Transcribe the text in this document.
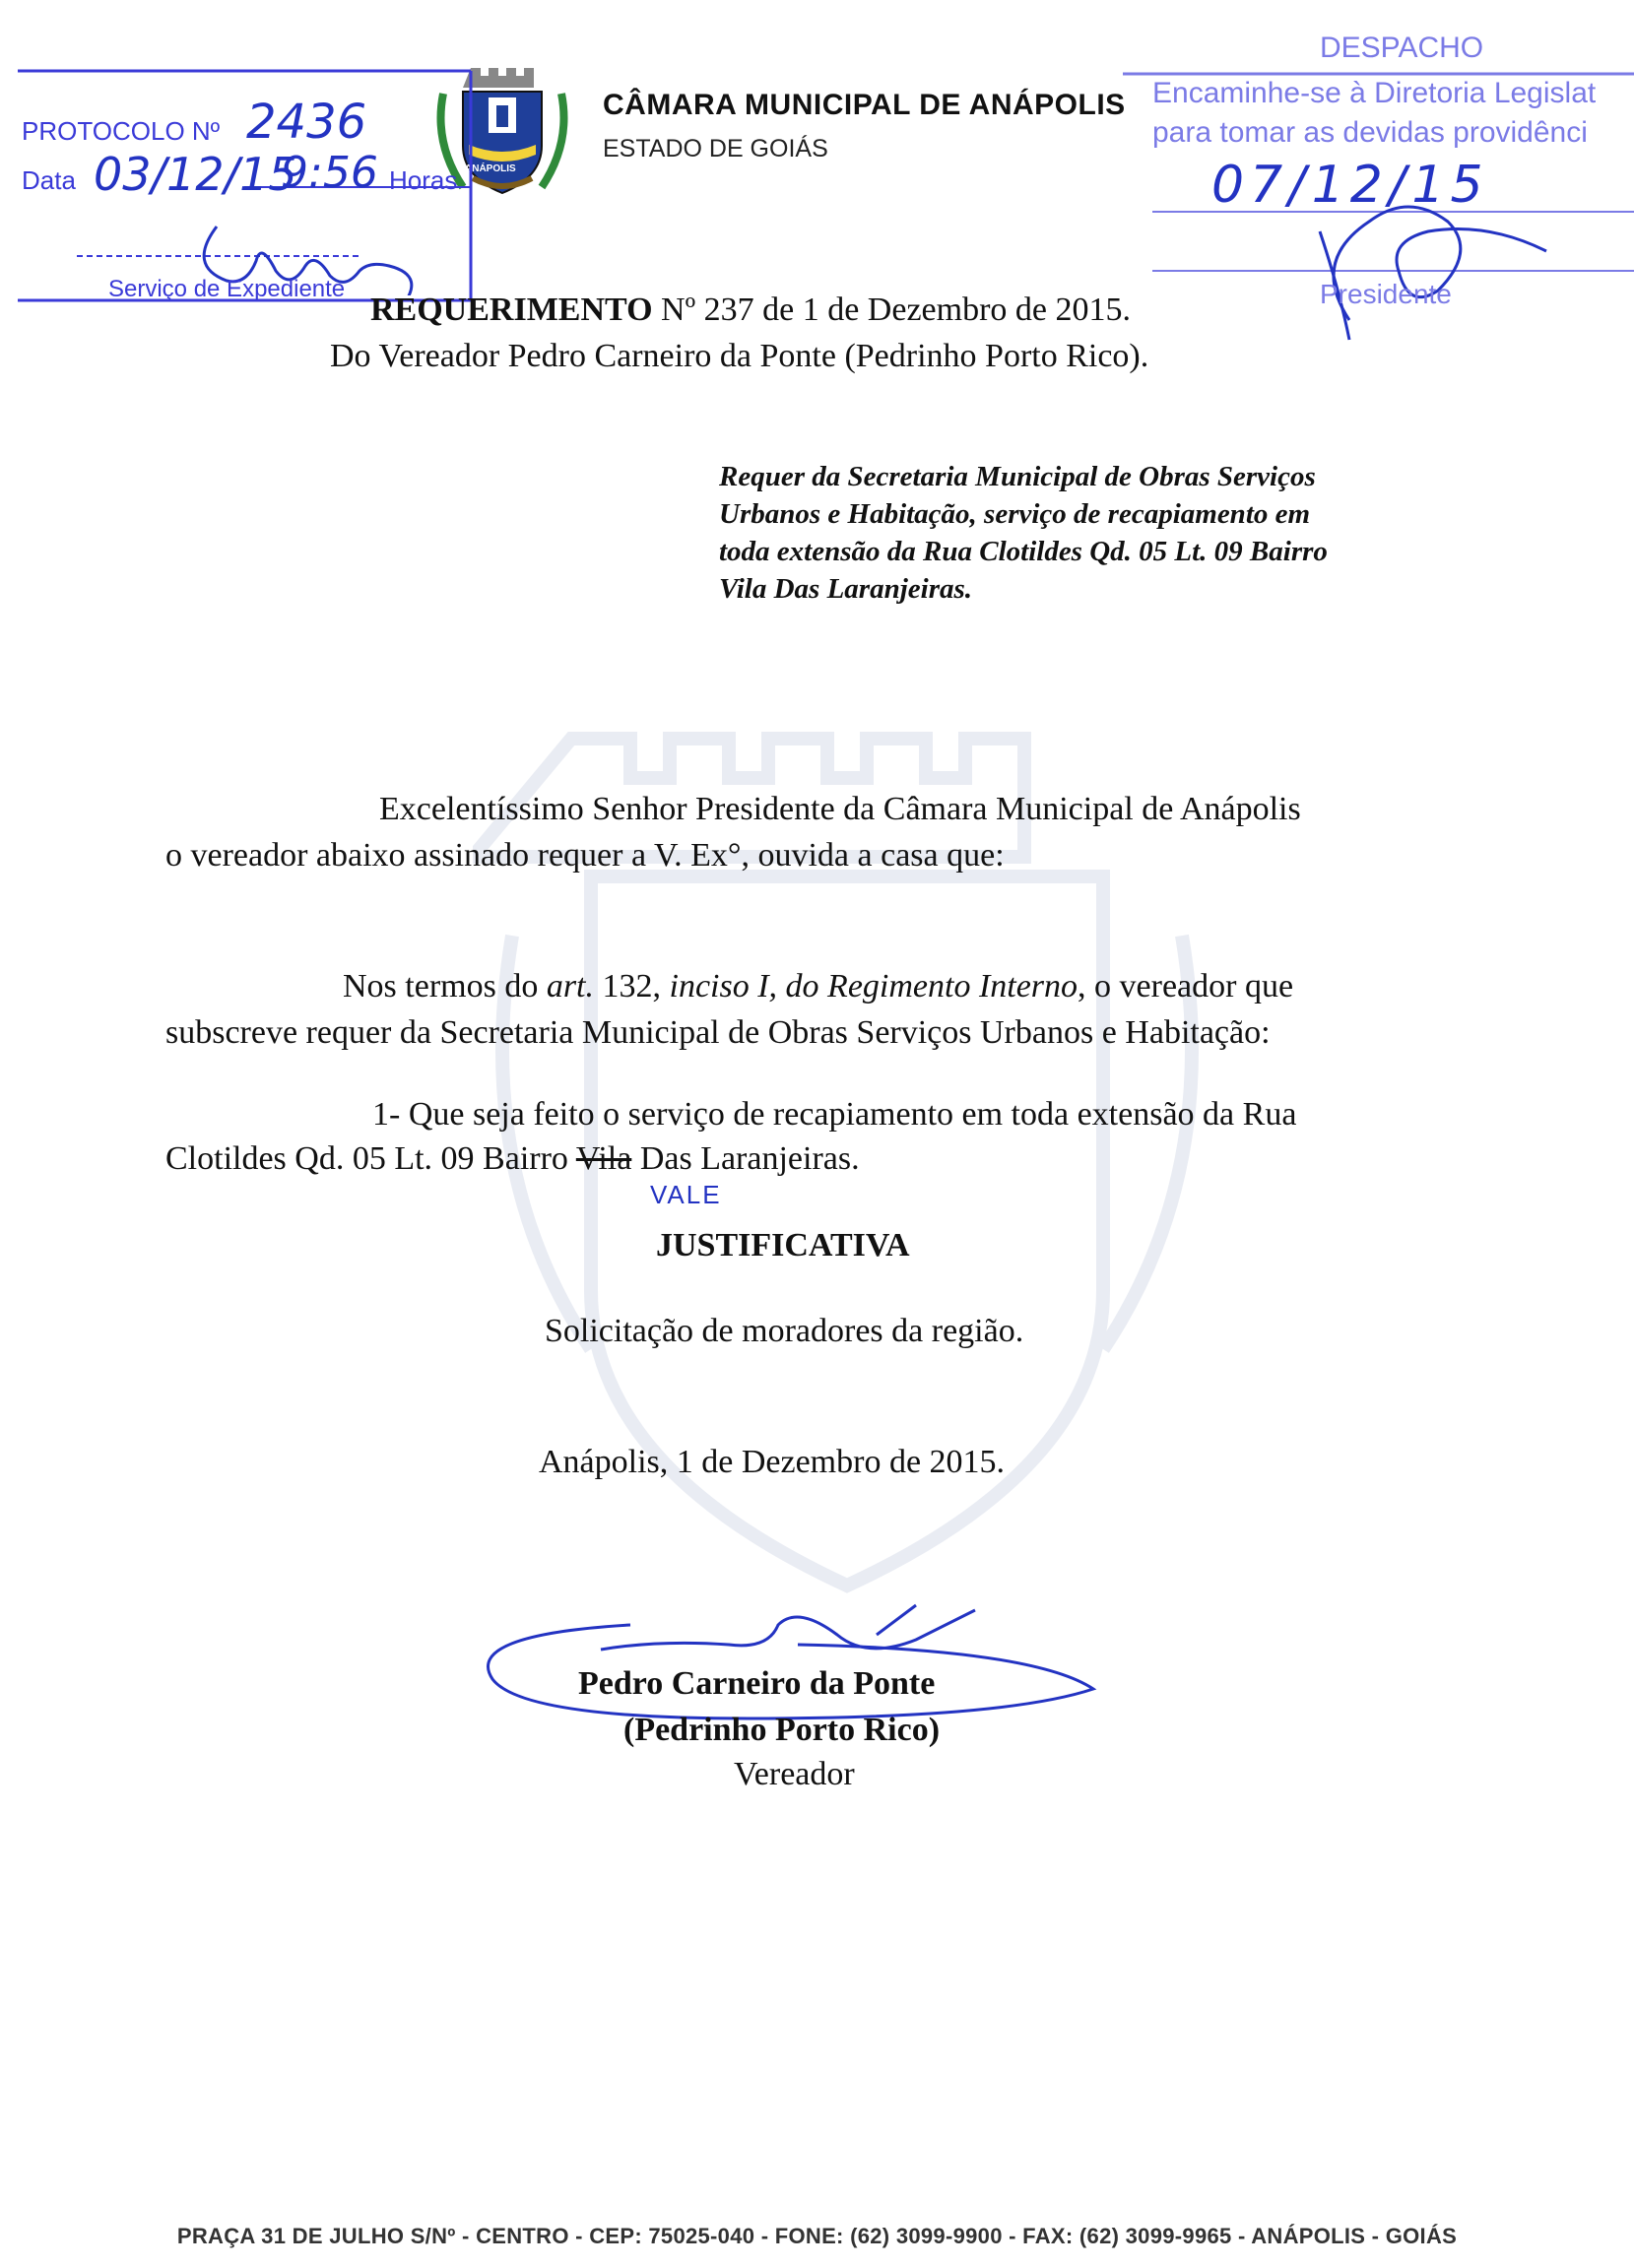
ANÁPOLIS
CÂMARA MUNICIPAL DE ANÁPOLIS
ESTADO DE GOIÁS
PROTOCOLO Nº 2436
Data 03/12/15
9:56 Horas
Serviço de Expediente
DESPACHO
Encaminhe-se à Diretoria Legislat
para tomar as devidas providênci
07/12/15
Presidente
REQUERIMENTO Nº 237 de 1 de Dezembro de 2015.
Do Vereador Pedro Carneiro da Ponte (Pedrinho Porto Rico).
Requer da Secretaria Municipal de Obras Serviços
Urbanos e Habitação, serviço de recapiamento em
toda extensão da Rua Clotildes Qd. 05 Lt. 09 Bairro
Vila Das Laranjeiras.
Excelentíssimo Senhor Presidente da Câmara Municipal de Anápolis
o vereador abaixo assinado requer a V. Ex°, ouvida a casa que:
Nos termos do art. 132, inciso I, do Regimento Interno, o vereador que
subscreve requer da Secretaria Municipal de Obras Serviços Urbanos e Habitação:
1- Que seja feito o serviço de recapiamento em toda extensão da Rua
Clotildes Qd. 05 Lt. 09 Bairro Vila Das Laranjeiras.
VALE
JUSTIFICATIVA
Solicitação de moradores da região.
Anápolis, 1 de Dezembro de 2015.
Pedro Carneiro da Ponte
(Pedrinho Porto Rico)
Vereador
PRAÇA 31 DE JULHO S/Nº - CENTRO - CEP: 75025-040 - FONE: (62) 3099-9900 - FAX: (62) 3099-9965 - ANÁPOLIS - GOIÁS
